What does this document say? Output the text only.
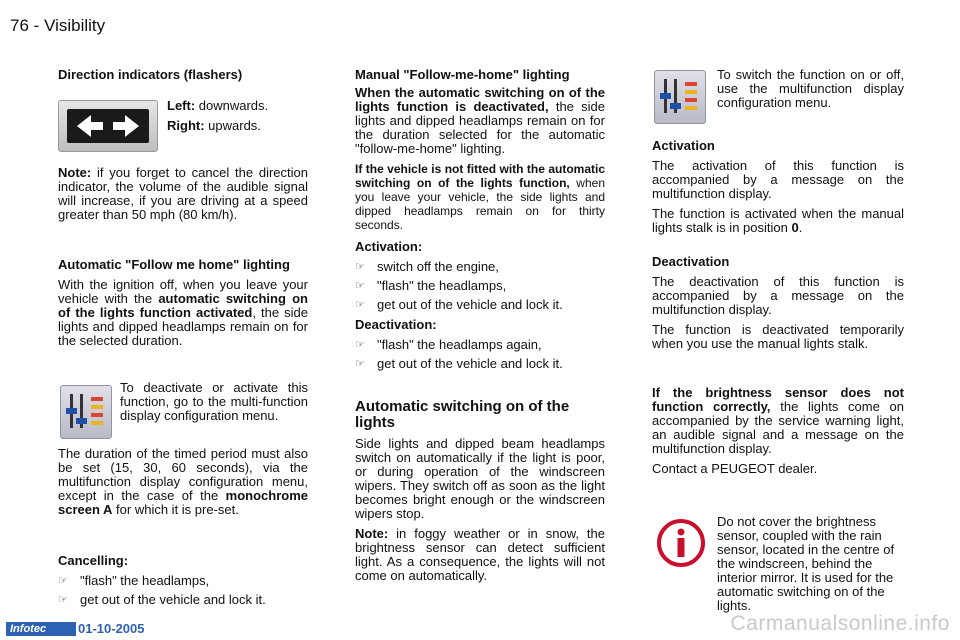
76 - Visibility

Direction indicators (flashers)

Left: downwards.
Right: upwards.

Note: if you forget to cancel the direction indicator, the volume of the audible signal will increase, if you are driving at a speed greater than 50 mph (80 km/h).

Automatic "Follow me home" lighting

With the ignition off, when you leave your vehicle with the automatic switching on of the lights function activated, the side lights and dipped headlamps remain on for the selected duration.

To deactivate or activate this function, go to the multi-function display configuration menu.

The duration of the timed period must also be set (15, 30, 60 seconds), via the multifunction display configuration menu, except in the case of the monochrome screen A for which it is pre-set.

Cancelling:

☞ "flash" the headlamps,
☞ get out of the vehicle and lock it.

Manual "Follow-me-home" lighting

When the automatic switching on of the lights function is deactivated, the side lights and dipped headlamps remain on for the duration selected for the automatic "follow-me-home" lighting.

If the vehicle is not fitted with the automatic switching on of the lights function, when you leave your vehicle, the side lights and dipped headlamps remain on for thirty seconds.

Activation:

☞ switch off the engine,
☞ "flash" the headlamps,
☞ get out of the vehicle and lock it.

Deactivation:

☞ "flash" the headlamps again,
☞ get out of the vehicle and lock it.

Automatic switching on of the lights

Side lights and dipped beam headlamps switch on automatically if the light is poor, or during operation of the windscreen wipers. They switch off as soon as the light becomes bright enough or the windscreen wipers stop.

Note: in foggy weather or in snow, the brightness sensor can detect sufficient light. As a consequence, the lights will not come on automatically.

To switch the function on or off, use the multifunction display configuration menu.

Activation

The activation of this function is accompanied by a message on the multifunction display.

The function is activated when the manual lights stalk is in position 0.

Deactivation

The deactivation of this function is accompanied by a message on the multifunction display.

The function is deactivated temporarily when you use the manual lights stalk.

If the brightness sensor does not function correctly, the lights come on accompanied by the service warning light, an audible signal and a message on the multifunction display.

Contact a PEUGEOT dealer.

Do not cover the brightness sensor, coupled with the rain sensor, located in the centre of the windscreen, behind the interior mirror. It is used for the automatic switching on of the lights.

Infotec	01-10-2005	Carmanualsonline.info
